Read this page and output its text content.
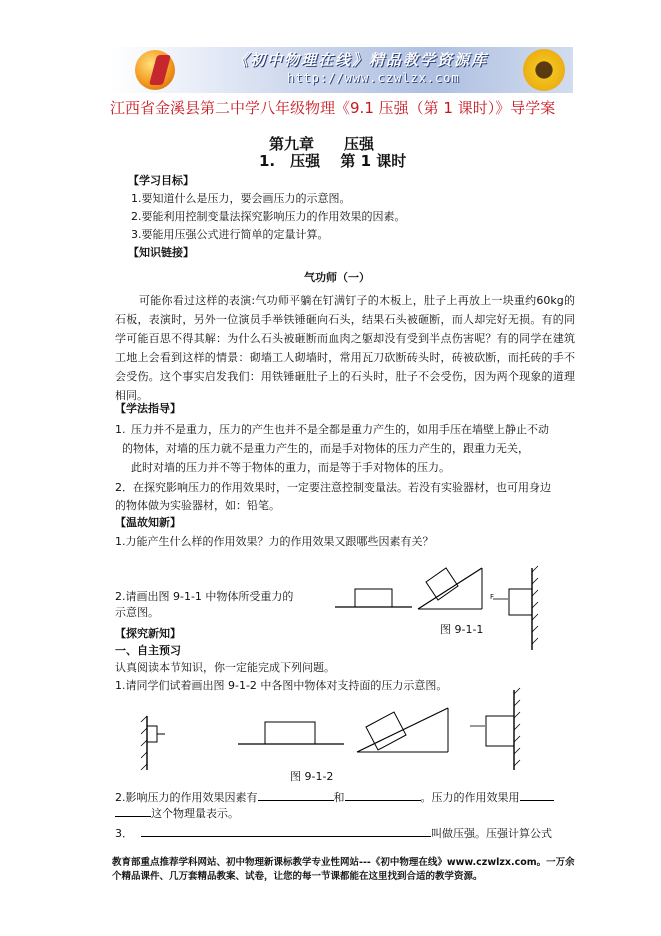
《初中物理在线》精品教学资源库
http://www.czwlzx.com
江西省金溪县第二中学八年级物理《9.1 压强（第 1 课时）》导学案
第九章　　压强
1.　压强　 第 1 课时
【学习目标】
1.要知道什么是压力，要会画压力的示意图。
2.要能利用控制变量法探究影响压力的作用效果的因素。
3.要能用压强公式进行简单的定量计算。
【知识链接】
气功师（一）
可能你看过这样的表演:气功师平躺在钉满钉子的木板上，肚子上再放上一块重约60kg的石板，表演时，另外一位演员手举铁锤砸向石头，结果石头被砸断，而人却完好无损。有的同学可能百思不得其解：为什么石头被砸断而血肉之躯却没有受到半点伤害呢？有的同学在建筑工地上会看到这样的情景：砌墙工人砌墙时，常用瓦刀砍断砖头时，砖被砍断，而托砖的手不会受伤。这个事实启发我们：用铁锤砸肚子上的石头时，肚子不会受伤，因为两个现象的道理相同。
【学法指导】
1. 压力并不是重力，压力的产生也并不是全都是重力产生的，如用手压在墙壁上静止不动
的物体，对墙的压力就不是重力产生的，而是手对物体的压力产生的，跟重力无关，
此时对墙的压力并不等于物体的重力，而是等于手对物体的压力。
2．在探究影响压力的作用效果时，一定要注意控制变量法。若没有实验器材，也可用身边
的物体做为实验器材，如：铅笔。
【温故知新】
1.力能产生什么样的作用效果？力的作用效果又跟哪些因素有关？
2.请画出图 9-1-1 中物体所受重力的
示意图。
F
图 9-1-1
【探究新知】
一、自主预习
认真阅读本节知识，你一定能完成下列问题。
1.请同学们试着画出图 9-1-2 中各图中物体对支持面的压力示意图。
图 9-1-2
2.影响压力的作用效果因素有	和	。压力的作用效果用
这个物理量表示。
3．	叫做压强。压强计算公式
教育部重点推荐学科网站、初中物理新课标教学专业性网站---《初中物理在线》www.czwlzx.com。一万余
个精品课件、几万套精品教案、试卷，让您的每一节课都能在这里找到合适的教学资源。
